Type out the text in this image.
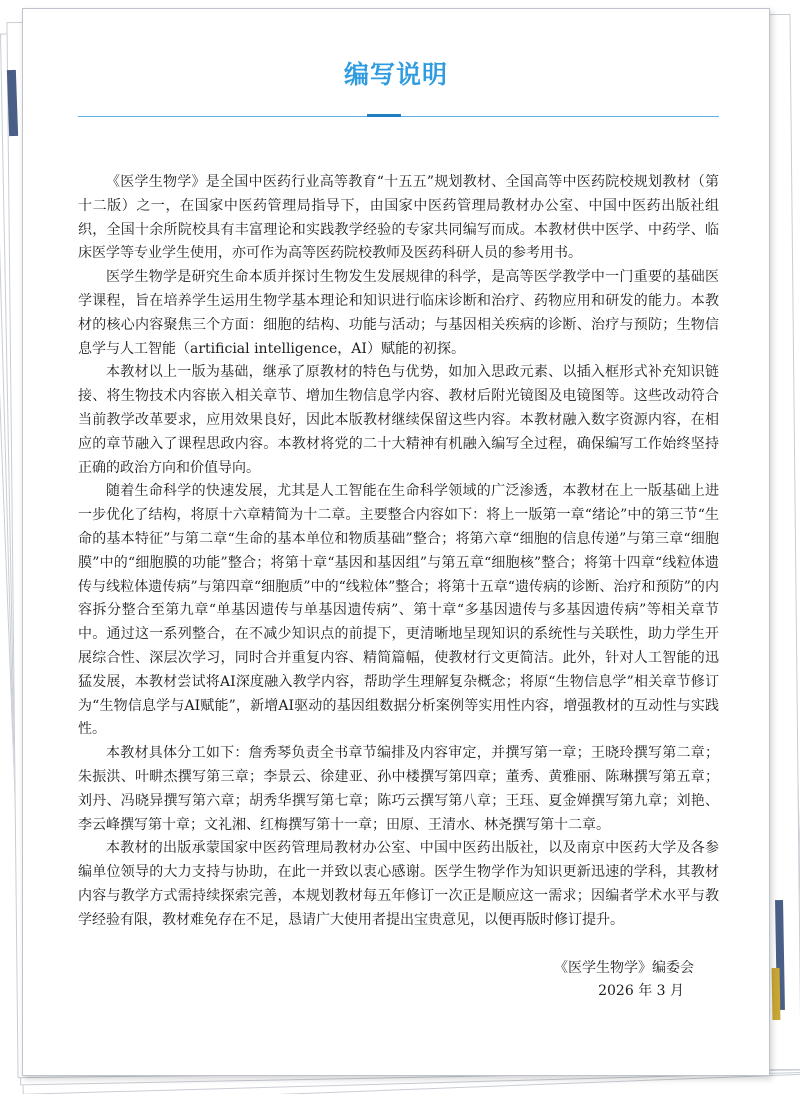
编写说明

《医学生物学》是全国中医药行业高等教育“十五五”规划教材、全国高等中医药院校规划教材（第十二版）之一，在国家中医药管理局指导下，由国家中医药管理局教材办公室、中国中医药出版社组织，全国十余所院校具有丰富理论和实践教学经验的专家共同编写而成。本教材供中医学、中药学、临床医学等专业学生使用，亦可作为高等医药院校教师及医药科研人员的参考用书。

医学生物学是研究生命本质并探讨生物发生发展规律的科学，是高等医学教学中一门重要的基础医学课程，旨在培养学生运用生物学基本理论和知识进行临床诊断和治疗、药物应用和研发的能力。本教材的核心内容聚焦三个方面：细胞的结构、功能与活动；与基因相关疾病的诊断、治疗与预防；生物信息学与人工智能（artificial intelligence，AI）赋能的初探。

本教材以上一版为基础，继承了原教材的特色与优势，如加入思政元素、以插入框形式补充知识链接、将生物技术内容嵌入相关章节、增加生物信息学内容、教材后附光镜图及电镜图等。这些改动符合当前教学改革要求，应用效果良好，因此本版教材继续保留这些内容。本教材融入数字资源内容，在相应的章节融入了课程思政内容。本教材将党的二十大精神有机融入编写全过程，确保编写工作始终坚持正确的政治方向和价值导向。

随着生命科学的快速发展，尤其是人工智能在生命科学领域的广泛渗透，本教材在上一版基础上进一步优化了结构，将原十六章精简为十二章。主要整合内容如下：将上一版第一章“绪论”中的第三节“生命的基本特征”与第二章“生命的基本单位和物质基础”整合；将第六章“细胞的信息传递”与第三章“细胞膜”中的“细胞膜的功能”整合；将第十章“基因和基因组”与第五章“细胞核”整合；将第十四章“线粒体遗传与线粒体遗传病”与第四章“细胞质”中的“线粒体”整合；将第十五章“遗传病的诊断、治疗和预防”的内容拆分整合至第九章“单基因遗传与单基因遗传病”、第十章“多基因遗传与多基因遗传病”等相关章节中。通过这一系列整合，在不减少知识点的前提下，更清晰地呈现知识的系统性与关联性，助力学生开展综合性、深层次学习，同时合并重复内容、精简篇幅，使教材行文更简洁。此外，针对人工智能的迅猛发展，本教材尝试将AI深度融入教学内容，帮助学生理解复杂概念；将原“生物信息学”相关章节修订为“生物信息学与AI赋能”，新增AI驱动的基因组数据分析案例等实用性内容，增强教材的互动性与实践性。

本教材具体分工如下：詹秀琴负责全书章节编排及内容审定，并撰写第一章；王晓玲撰写第二章；朱振洪、叶畊杰撰写第三章；李景云、徐建亚、孙中楼撰写第四章；董秀、黄雅丽、陈琳撰写第五章；刘丹、冯晓异撰写第六章；胡秀华撰写第七章；陈巧云撰写第八章；王珏、夏金婵撰写第九章；刘艳、李云峰撰写第十章；文礼湘、红梅撰写第十一章；田原、王清水、林尧撰写第十二章。

本教材的出版承蒙国家中医药管理局教材办公室、中国中医药出版社，以及南京中医药大学及各参编单位领导的大力支持与协助，在此一并致以衷心感谢。医学生物学作为知识更新迅速的学科，其教材内容与教学方式需持续探索完善，本规划教材每五年修订一次正是顺应这一需求；因编者学术水平与教学经验有限，教材难免存在不足，恳请广大使用者提出宝贵意见，以便再版时修订提升。

《医学生物学》编委会
2026 年 3 月
